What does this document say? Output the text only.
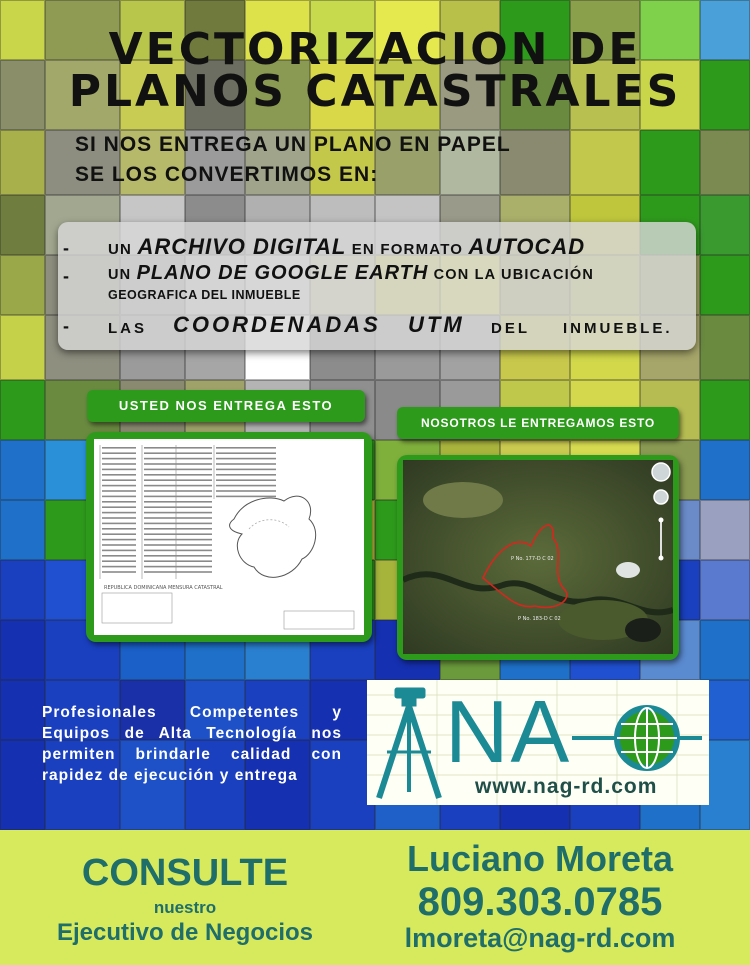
VECTORIZACION DE
PLANOS CATASTRALES
SI NOS ENTREGA UN PLANO EN PAPEL
SE LOS CONVERTIMOS EN:
-	UN ARCHIVO DIGITAL EN FORMATO AUTOCAD
-	UN PLANO DE GOOGLE EARTH CON LA UBICACIÓN
GEOGRAFICA DEL INMUEBLE
-	LAS COORDENADAS UTM DEL INMUEBLE.
USTED NOS ENTREGA ESTO
NOSOTROS LE ENTREGAMOS ESTO
REPUBLICA DOMINICANA MENSURA CATASTRAL
P No. 177-D C 02
P No. 183-D C 02
Profesionales Competentes y Equipos de Alta Tecnología nos permiten brindarle calidad con rapidez de ejecución y entrega	NA
www.nag-rd.com
CONSULTE
nuestro
Ejecutivo de Negocios
Luciano Moreta
809.303.0785
lmoreta@nag-rd.com
